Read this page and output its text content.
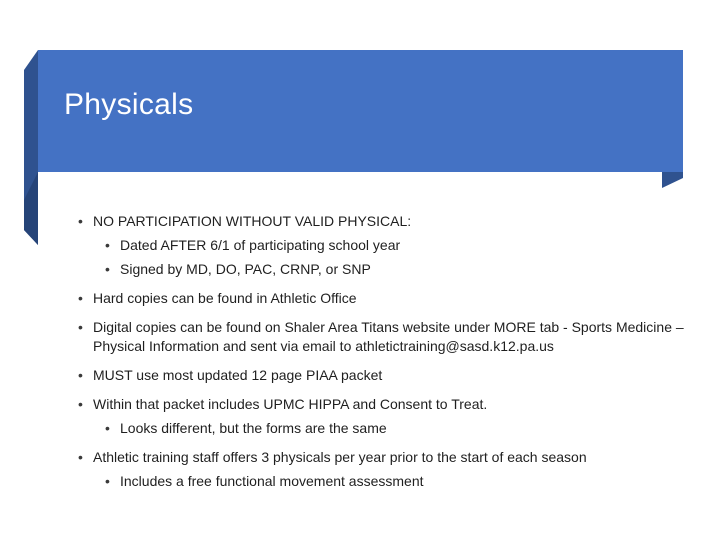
Physicals
• NO PARTICIPATION WITHOUT VALID PHYSICAL:
• Dated AFTER 6/1 of participating school year
• Signed by MD, DO, PAC, CRNP, or SNP
• Hard copies can be found in Athletic Office
• Digital copies can be found on Shaler Area Titans website under MORE tab - Sports Medicine – Physical Information and sent via email to athletictraining@sasd.k12.pa.us
• MUST use most updated 12 page PIAA packet
• Within that packet includes UPMC HIPPA and Consent to Treat.
• Looks different, but the forms are the same
• Athletic training staff offers 3 physicals per year prior to the start of each season
• Includes a free functional movement assessment
